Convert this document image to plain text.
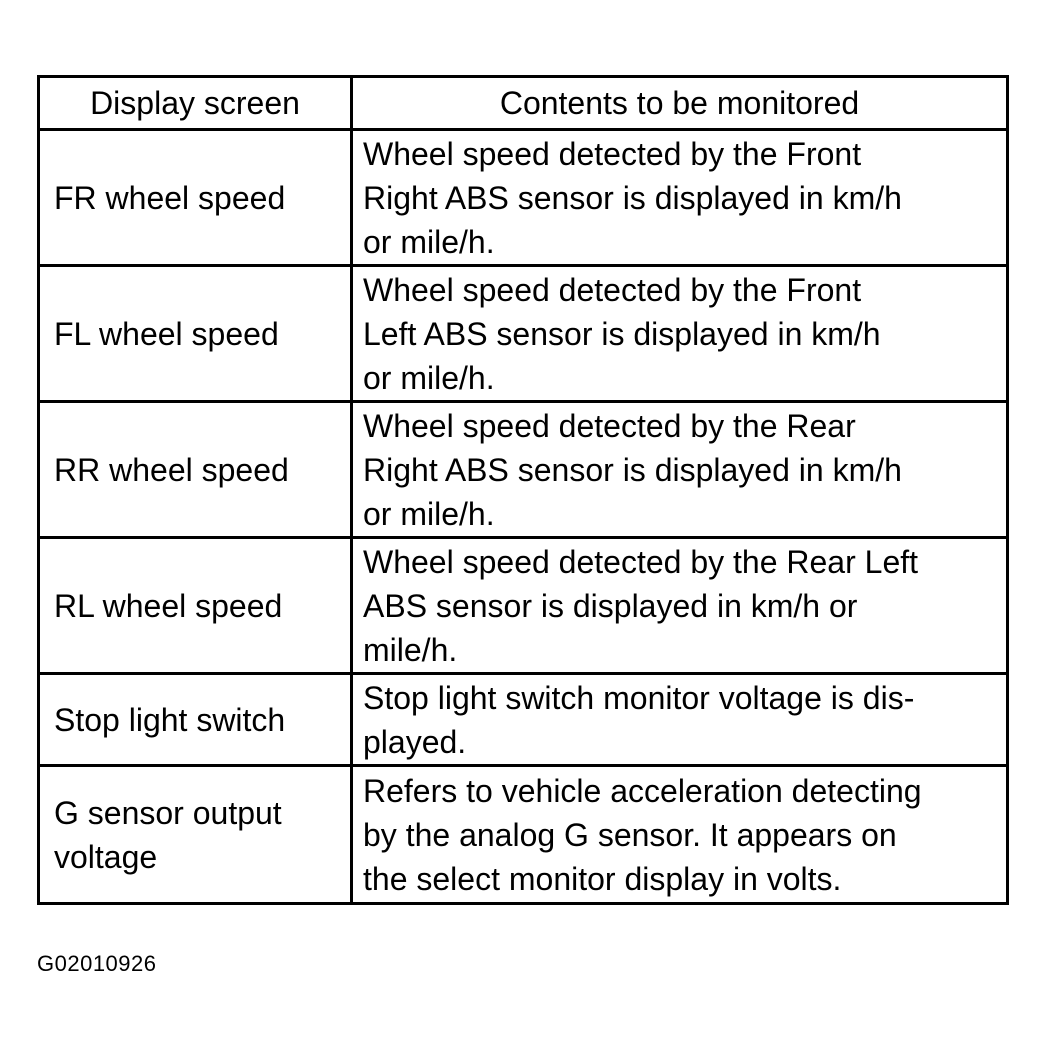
Display screen	Contents to be monitored
FR wheel speed	Wheel speed detected by the Front
Right ABS sensor is displayed in km/h
or mile/h.
FL wheel speed	Wheel speed detected by the Front
Left ABS sensor is displayed in km/h
or mile/h.
RR wheel speed	Wheel speed detected by the Rear
Right ABS sensor is displayed in km/h
or mile/h.
RL wheel speed	Wheel speed detected by the Rear Left
ABS sensor is displayed in km/h or
mile/h.
Stop light switch	Stop light switch monitor voltage is dis-
played.
G sensor output
voltage	Refers to vehicle acceleration detecting
by the analog G sensor. It appears on
the select monitor display in volts.
G02010926
